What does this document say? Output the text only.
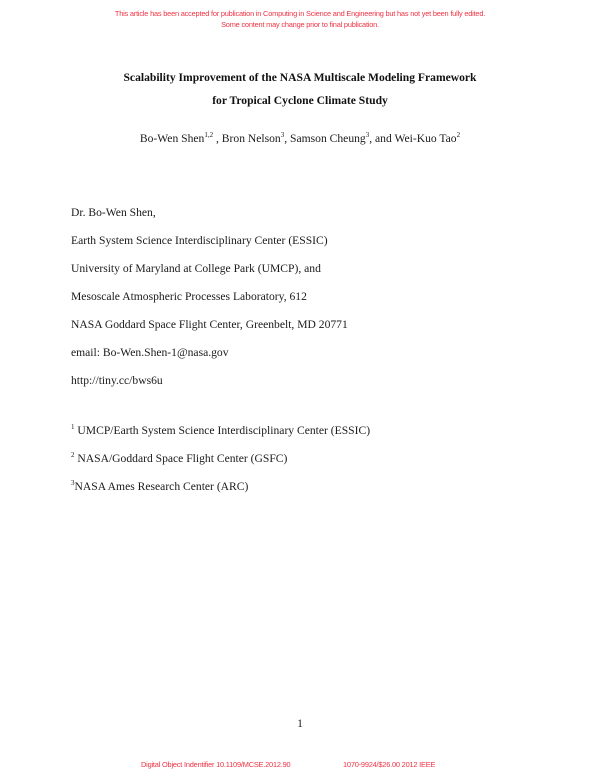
This article has been accepted for publication in Computing in Science and Engineering but has not yet been fully edited.
Some content may change prior to final publication.
Scalability Improvement of the NASA Multiscale Modeling Framework
for Tropical Cyclone Climate Study
Bo-Wen Shen$^{1,2}$ , Bron Nelson$^3$, Samson Cheung$^3$, and Wei-Kuo Tao$^2$
Dr. Bo-Wen Shen,
Earth System Science Interdisciplinary Center (ESSIC)
University of Maryland at College Park (UMCP), and
Mesoscale Atmospheric Processes Laboratory, 612
NASA Goddard Space Flight Center, Greenbelt, MD 20771
email: Bo-Wen.Shen-1@nasa.gov
http://tiny.cc/bws6u
$^1$ UMCP/Earth System Science Interdisciplinary Center (ESSIC)
$^2$ NASA/Goddard Space Flight Center (GSFC)
$^3$NASA Ames Research Center (ARC)
1
Digital Object Indentifier 10.1109/MCSE.2012.90	1070-9924/$26.00 2012 IEEE
